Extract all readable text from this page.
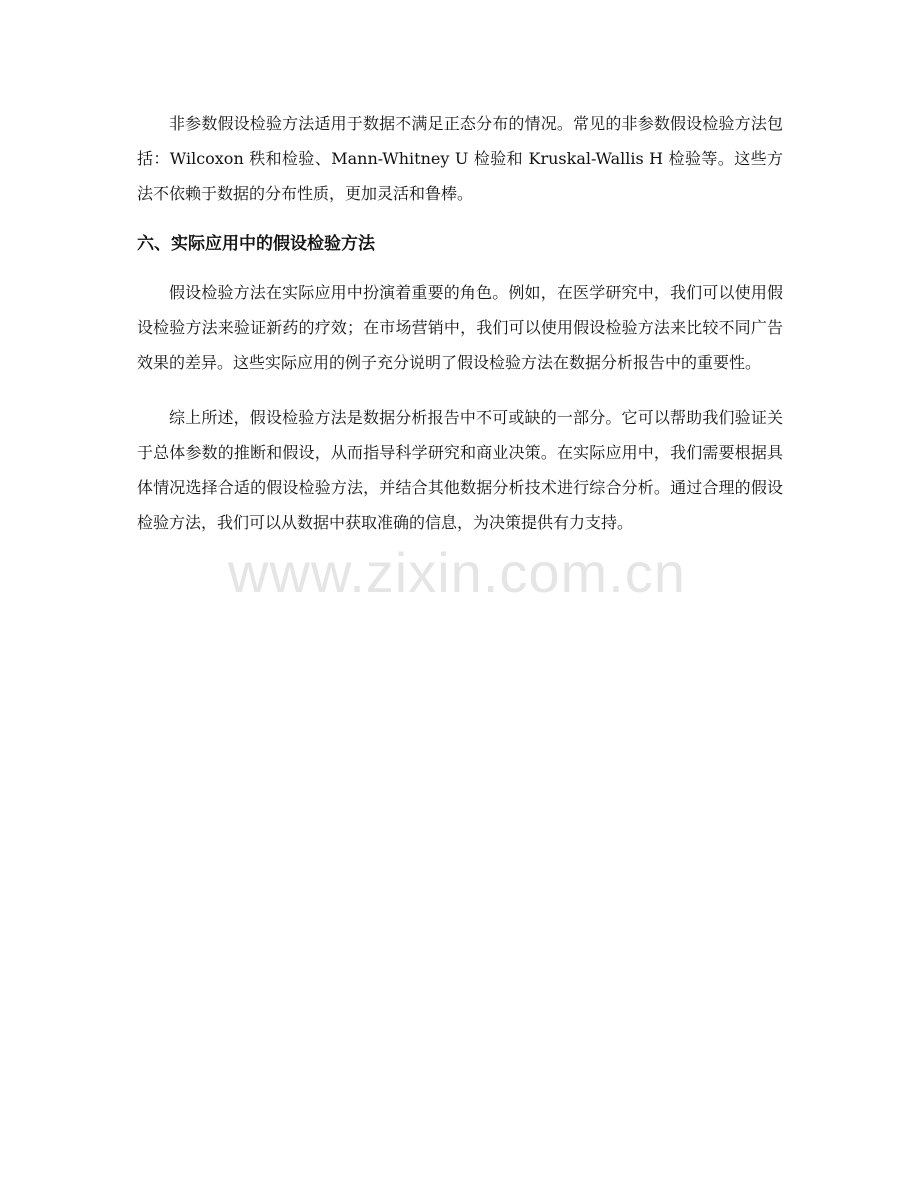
非参数假设检验方法适用于数据不满足正态分布的情况。常见的非参数假设检验方法包括：Wilcoxon 秩和检验、Mann-Whitney U 检验和 Kruskal-Wallis H 检验等。这些方法不依赖于数据的分布性质，更加灵活和鲁棒。

六、实际应用中的假设检验方法

假设检验方法在实际应用中扮演着重要的角色。例如，在医学研究中，我们可以使用假设检验方法来验证新药的疗效；在市场营销中，我们可以使用假设检验方法来比较不同广告效果的差异。这些实际应用的例子充分说明了假设检验方法在数据分析报告中的重要性。

综上所述，假设检验方法是数据分析报告中不可或缺的一部分。它可以帮助我们验证关于总体参数的推断和假设，从而指导科学研究和商业决策。在实际应用中，我们需要根据具体情况选择合适的假设检验方法，并结合其他数据分析技术进行综合分析。通过合理的假设检验方法，我们可以从数据中获取准确的信息，为决策提供有力支持。

www.zixin.com.cn
